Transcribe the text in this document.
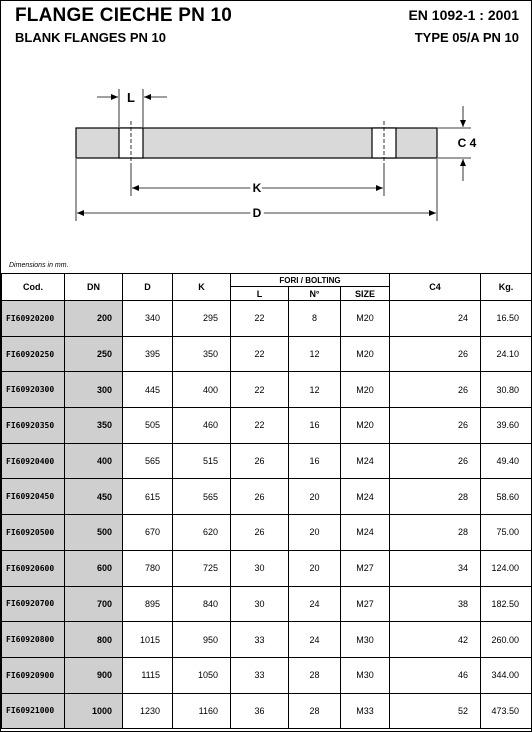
FLANGE CIECHE PN 10
BLANK FLANGES PN 10
EN 1092-1 : 2001
TYPE 05/A PN 10
L
C 4
K
D
Dimensions in mm.
Cod.	DN	D	K	FORI / BOLTING			C4	Kg.
				L	N°	SIZE		
FI60920200	200	340	295	22	8	M20	24	16.50
FI60920250	250	395	350	22	12	M20	26	24.10
FI60920300	300	445	400	22	12	M20	26	30.80
FI60920350	350	505	460	22	16	M20	26	39.60
FI60920400	400	565	515	26	16	M24	26	49.40
FI60920450	450	615	565	26	20	M24	28	58.60
FI60920500	500	670	620	26	20	M24	28	75.00
FI60920600	600	780	725	30	20	M27	34	124.00
FI60920700	700	895	840	30	24	M27	38	182.50
FI60920800	800	1015	950	33	24	M30	42	260.00
FI60920900	900	1115	1050	33	28	M30	46	344.00
FI60921000	1000	1230	1160	36	28	M33	52	473.50
